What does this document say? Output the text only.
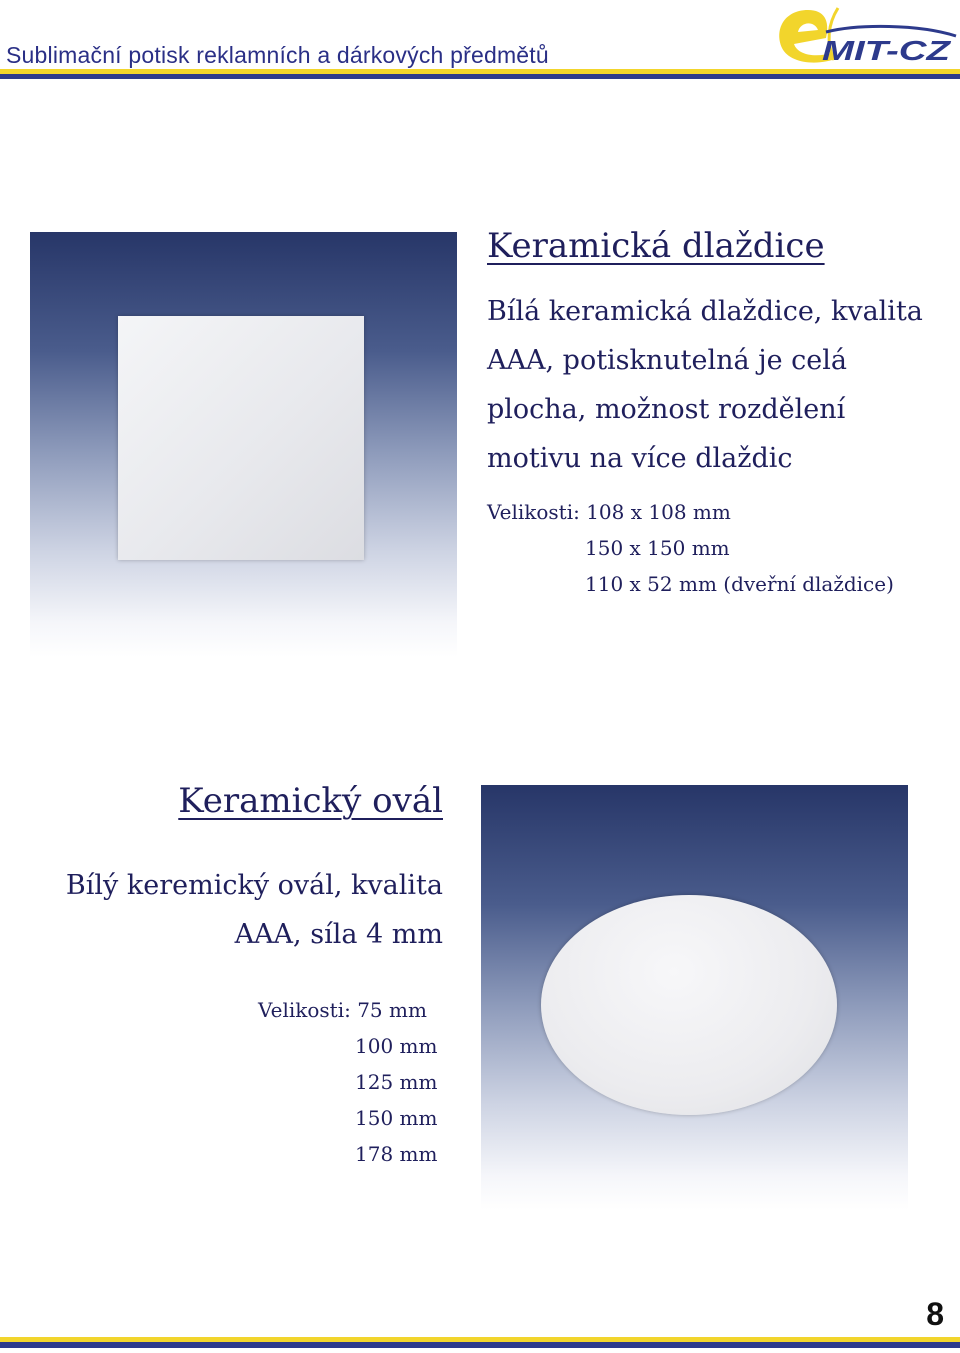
Sublimační potisk reklamních a dárkových předmětů	MIT-CZ
Keramická dlaždice
Bílá keramická dlaždice, kvalita
AAA, potisknutelná je celá
plocha, možnost rozdělení
motivu na více dlaždic
Velikosti: 108 x 108 mm
150 x 150 mm
110 x 52 mm (dveřní dlaždice)
Keramický ovál
Bílý keremický ovál, kvalita
AAA, síla 4 mm
Velikosti: 75 mm
100 mm
125 mm
150 mm
178 mm
8
